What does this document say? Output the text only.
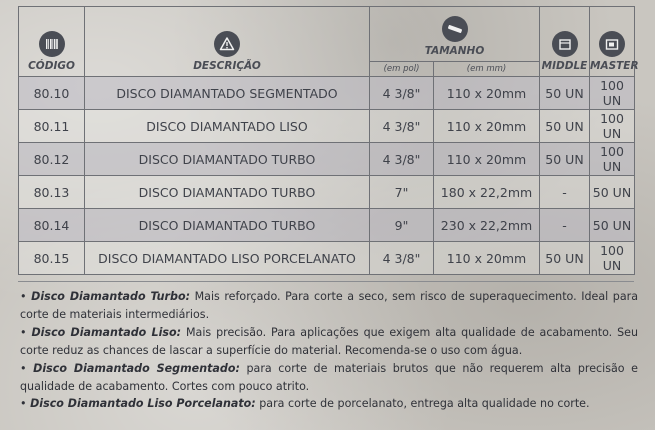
CÓDIGO	DESCRIÇÃO	TAMANHO		MIDDLE	MASTER
		(em pol)	(em mm)		
80.10	DISCO DIAMANTADO SEGMENTADO	4 3/8"	110 x 20mm	50 UN	100 UN
80.11	DISCO DIAMANTADO LISO	4 3/8"	110 x 20mm	50 UN	100 UN
80.12	DISCO DIAMANTADO TURBO	4 3/8"	110 x 20mm	50 UN	100 UN
80.13	DISCO DIAMANTADO TURBO	7"	180 x 22,2mm	-	50 UN
80.14	DISCO DIAMANTADO TURBO	9"	230 x 22,2mm	-	50 UN
80.15	DISCO DIAMANTADO LISO PORCELANATO	4 3/8"	110 x 20mm	50 UN	100 UN

• Disco Diamantado Turbo: Mais reforçado. Para corte a seco, sem risco de superaquecimento. Ideal para corte de materiais intermediários.

• Disco Diamantado Liso: Mais precisão. Para aplicações que exigem alta qualidade de acabamento. Seu corte reduz as chances de lascar a superfície do material. Recomenda-se o uso com água.

• Disco Diamantado Segmentado: para corte de materiais brutos que não requerem alta precisão e qualidade de acabamento. Cortes com pouco atrito.

• Disco Diamantado Liso Porcelanato: para corte de porcelanato, entrega alta qualidade no corte.
